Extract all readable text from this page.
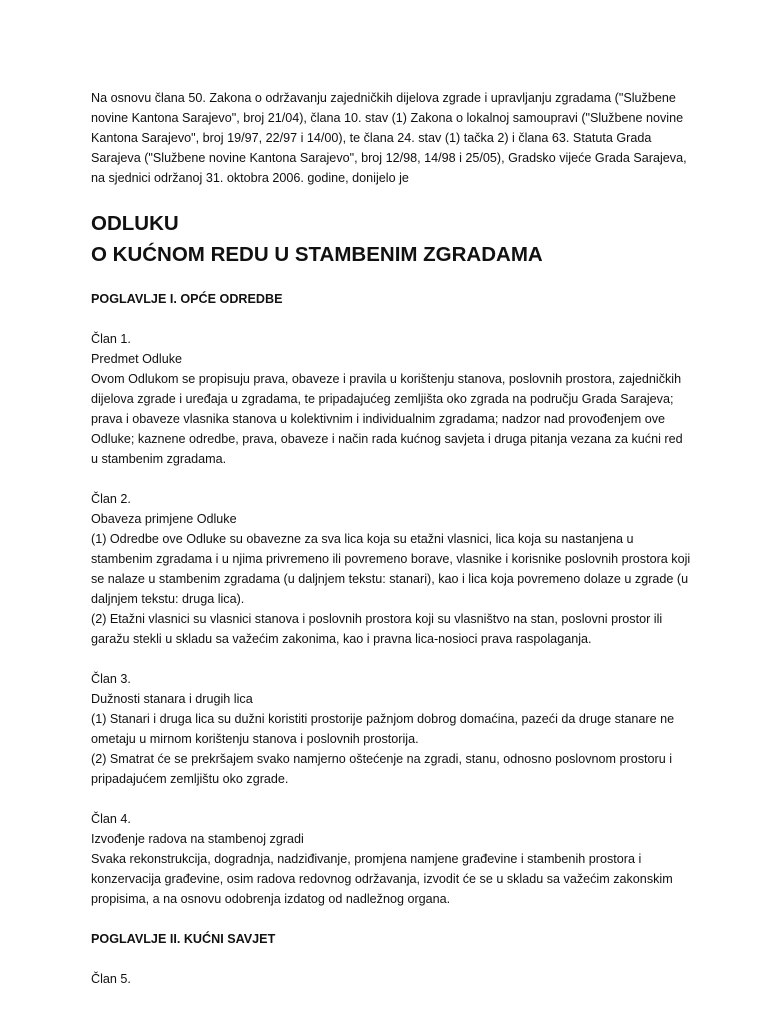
Na osnovu člana 50. Zakona o održavanju zajedničkih dijelova zgrade i upravljanju zgradama ("Službene novine Kantona Sarajevo", broj 21/04), člana 10. stav (1) Zakona o lokalnoj samoupravi ("Službene novine Kantona Sarajevo", broj 19/97, 22/97 i 14/00), te člana 24. stav (1) tačka 2) i člana 63. Statuta Grada Sarajeva ("Službene novine Kantona Sarajevo", broj 12/98, 14/98 i 25/05), Gradsko vijeće Grada Sarajeva, na sjednici održanoj 31. oktobra 2006. godine, donijelo je

ODLUKU

O KUĆNOM REDU U STAMBENIM ZGRADAMA

POGLAVLJE I. OPĆE ODREDBE

Član 1.

Predmet Odluke

Ovom Odlukom se propisuju prava, obaveze i pravila u korištenju stanova, poslovnih prostora, zajedničkih dijelova zgrade i uređaja u zgradama, te pripadajućeg zemljišta oko zgrada na području Grada Sarajeva; prava i obaveze vlasnika stanova u kolektivnim i individualnim zgradama; nadzor nad provođenjem ove Odluke; kaznene odredbe, prava, obaveze i način rada kućnog savjeta i druga pitanja vezana za kućni red u stambenim zgradama.

Član 2.

Obaveza primjene Odluke

(1) Odredbe ove Odluke su obavezne za sva lica koja su etažni vlasnici, lica koja su nastanjena u stambenim zgradama i u njima privremeno ili povremeno borave, vlasnike i korisnike poslovnih prostora koji se nalaze u stambenim zgradama (u daljnjem tekstu: stanari), kao i lica koja povremeno dolaze u zgrade (u daljnjem tekstu: druga lica).

(2) Etažni vlasnici su vlasnici stanova i poslovnih prostora koji su vlasništvo na stan, poslovni prostor ili garažu stekli u skladu sa važećim zakonima, kao i pravna lica-nosioci prava raspolaganja.

Član 3.

Dužnosti stanara i drugih lica

(1) Stanari i druga lica su dužni koristiti prostorije pažnjom dobrog domaćina, pazeći da druge stanare ne ometaju u mirnom korištenju stanova i poslovnih prostorija.

(2) Smatrat će se prekršajem svako namjerno oštećenje na zgradi, stanu, odnosno poslovnom prostoru i pripadajućem zemljištu oko zgrade.

Član 4.

Izvođenje radova na stambenoj zgradi

Svaka rekonstrukcija, dogradnja, nadziđivanje, promjena namjene građevine i stambenih prostora i konzervacija građevine, osim radova redovnog održavanja, izvodit će se u skladu sa važećim zakonskim propisima, a na osnovu odobrenja izdatog od nadležnog organa.

POGLAVLJE II. KUĆNI SAVJET

Član 5.
